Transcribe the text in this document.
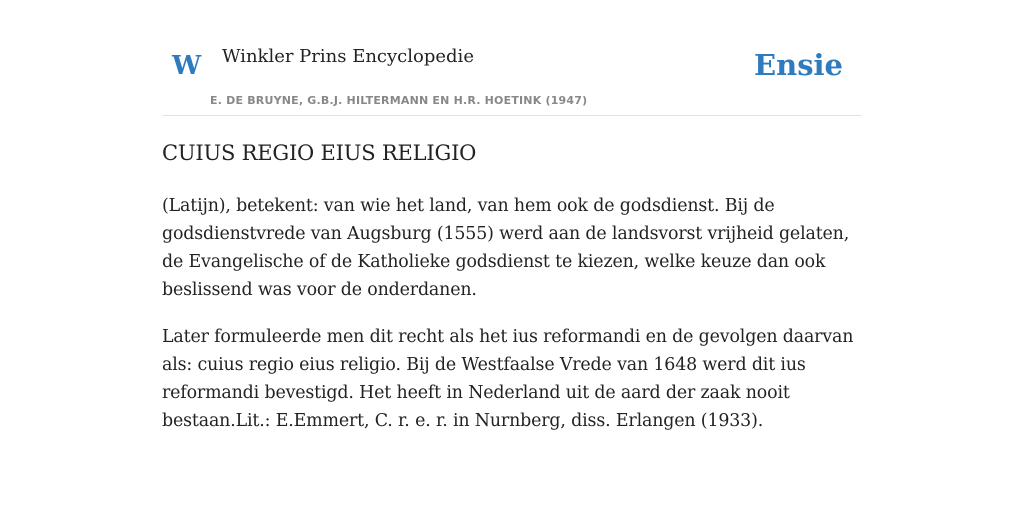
W Winkler Prins Encyclopedie
E. DE BRUYNE, G.B.J. HILTERMANN EN H.R. HOETINK (1947)
Ensie
CUIUS REGIO EIUS RELIGIO

(Latijn), betekent: van wie het land, van hem ook de godsdienst. Bij de godsdienstvrede van Augsburg (1555) werd aan de landsvorst vrijheid gelaten, de Evangelische of de Katholieke godsdienst te kiezen, welke keuze dan ook beslissend was voor de onderdanen.

Later formuleerde men dit recht als het ius reformandi en de gevolgen daarvan als: cuius regio eius religio. Bij de Westfaalse Vrede van 1648 werd dit ius reformandi bevestigd. Het heeft in Nederland uit de aard der zaak nooit bestaan.Lit.: E.Emmert, C. r. e. r. in Nurnberg, diss. Erlangen (1933).
